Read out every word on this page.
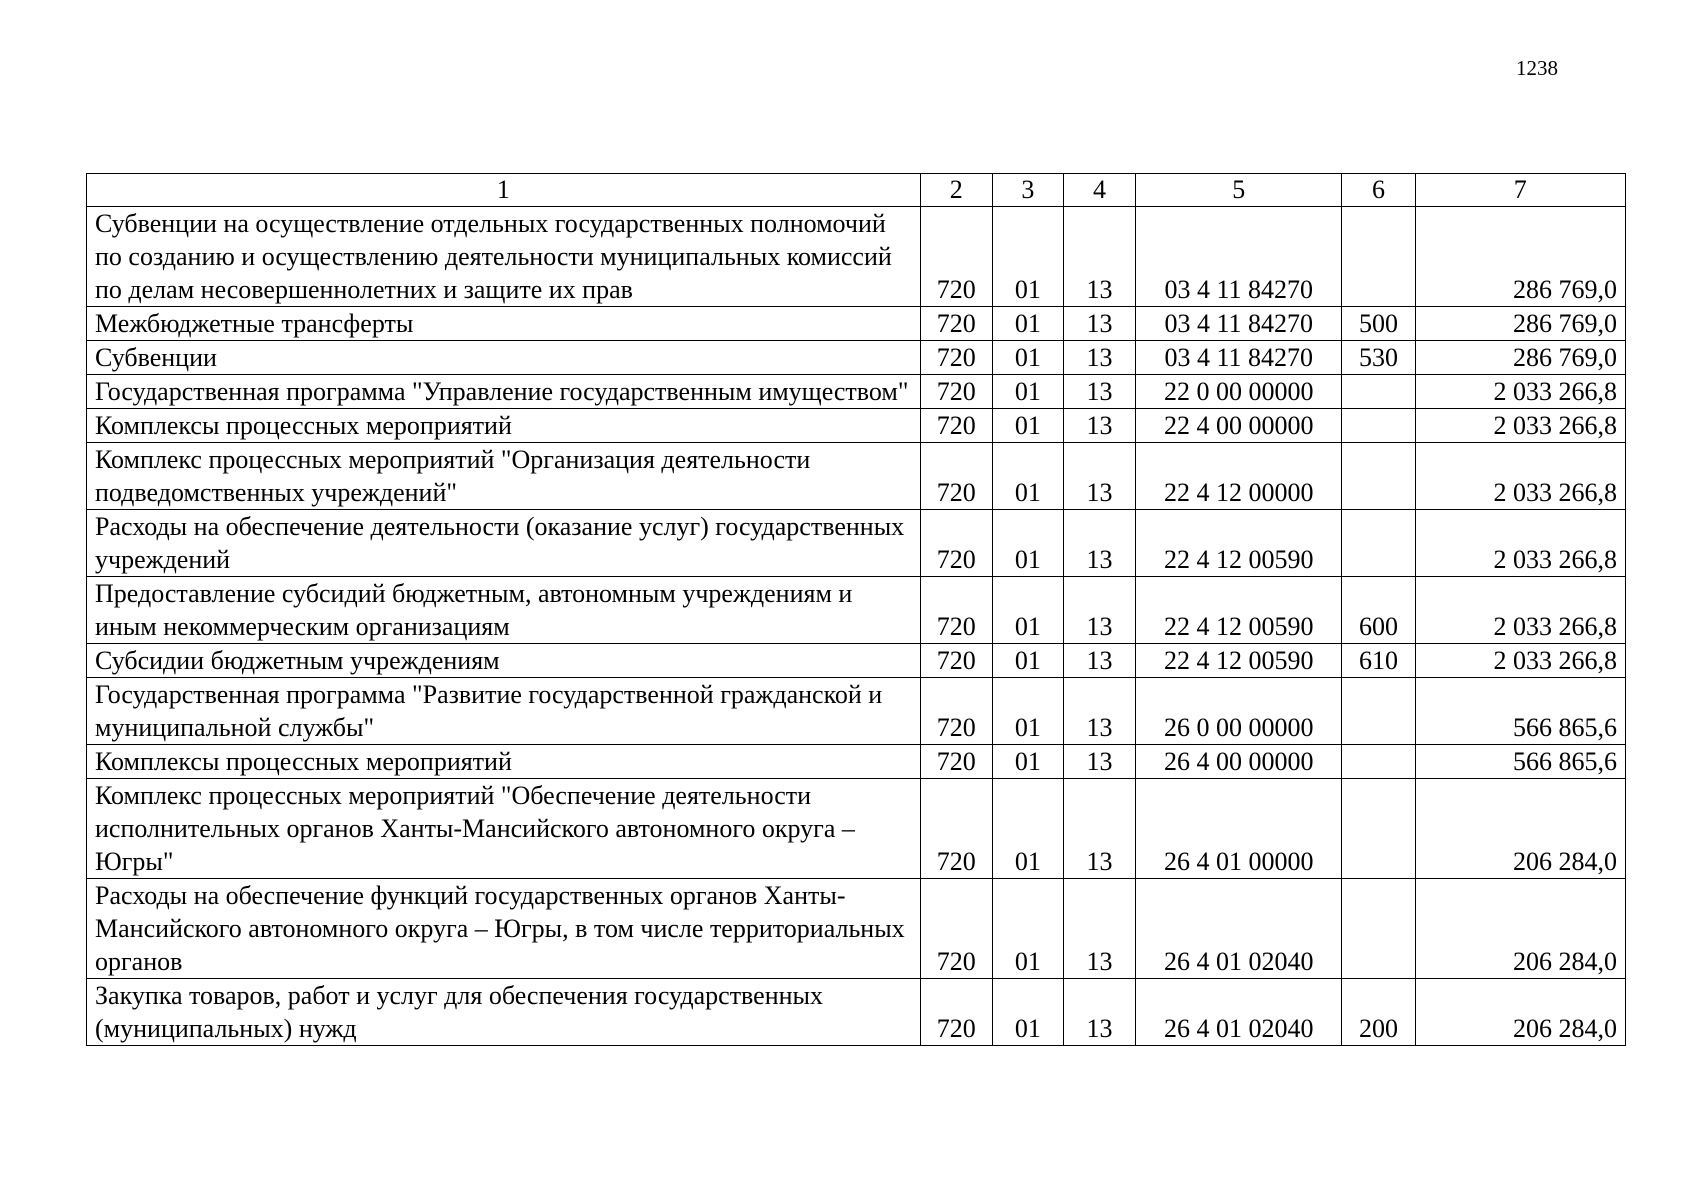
1238
1	2	3	4	5	6	7
Субвенции на осуществление отдельных государственных полномочий по созданию и осуществлению деятельности муниципальных комиссий по делам несовершеннолетних и защите их прав	720	01	13	03 4 11 84270		286 769,0
Межбюджетные трансферты	720	01	13	03 4 11 84270	500	286 769,0
Субвенции	720	01	13	03 4 11 84270	530	286 769,0
Государственная программа "Управление государственным имуществом"	720	01	13	22 0 00 00000		2 033 266,8
Комплексы процессных мероприятий	720	01	13	22 4 00 00000		2 033 266,8
Комплекс процессных мероприятий "Организация деятельности подведомственных учреждений"	720	01	13	22 4 12 00000		2 033 266,8
Расходы на обеспечение деятельности (оказание услуг) государственных учреждений	720	01	13	22 4 12 00590		2 033 266,8
Предоставление субсидий бюджетным, автономным учреждениям и иным некоммерческим организациям	720	01	13	22 4 12 00590	600	2 033 266,8
Субсидии бюджетным учреждениям	720	01	13	22 4 12 00590	610	2 033 266,8
Государственная программа "Развитие государственной гражданской и муниципальной службы"	720	01	13	26 0 00 00000		566 865,6
Комплексы процессных мероприятий	720	01	13	26 4 00 00000		566 865,6
Комплекс процессных мероприятий "Обеспечение деятельности исполнительных органов Ханты-Мансийского автономного округа – Югры"	720	01	13	26 4 01 00000		206 284,0
Расходы на обеспечение функций государственных органов Ханты-Мансийского автономного округа – Югры, в том числе территориальных органов	720	01	13	26 4 01 02040		206 284,0
Закупка товаров, работ и услуг для обеспечения государственных (муниципальных) нужд	720	01	13	26 4 01 02040	200	206 284,0
